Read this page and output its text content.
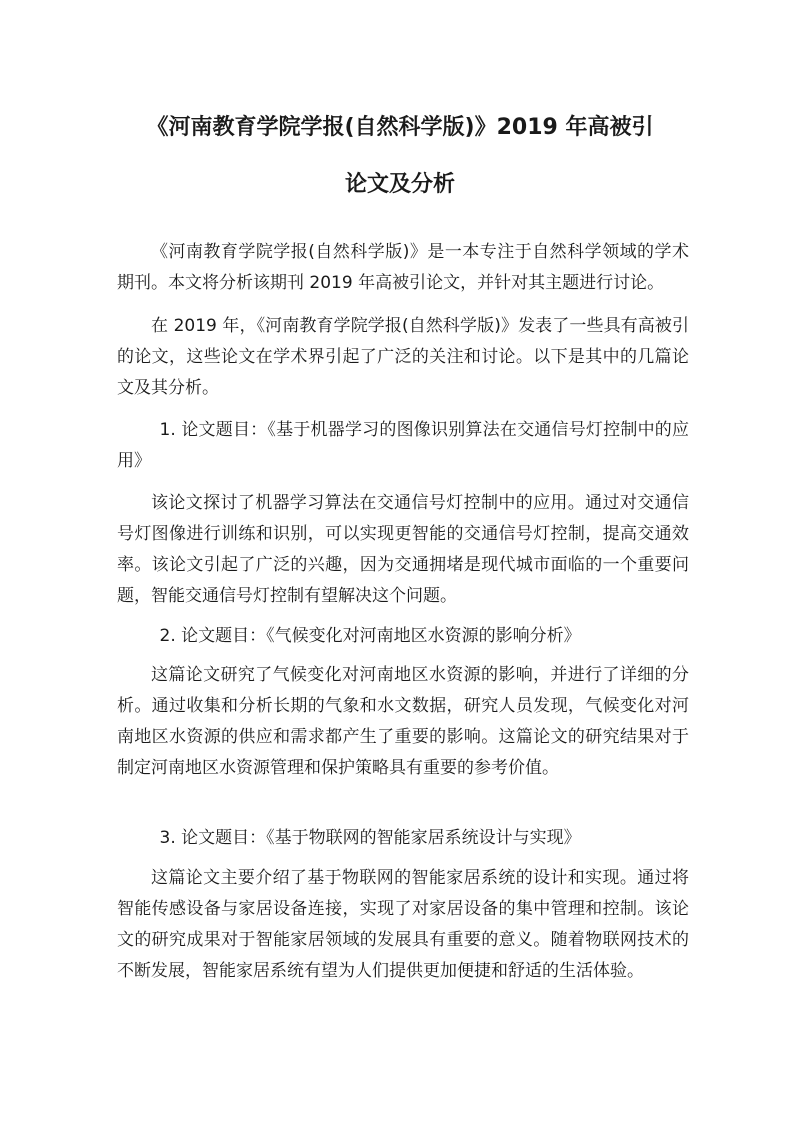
《河南教育学院学报(自然科学版)》2019 年高被引
论文及分析

《河南教育学院学报(自然科学版)》是一本专注于自然科学领域的学术期刊。本文将分析该期刊 2019 年高被引论文，并针对其主题进行讨论。

在 2019 年，《河南教育学院学报(自然科学版)》发表了一些具有高被引的论文，这些论文在学术界引起了广泛的关注和讨论。以下是其中的几篇论文及其分析。

1. 论文题目：《基于机器学习的图像识别算法在交通信号灯控制中的应用》

该论文探讨了机器学习算法在交通信号灯控制中的应用。通过对交通信号灯图像进行训练和识别，可以实现更智能的交通信号灯控制，提高交通效率。该论文引起了广泛的兴趣，因为交通拥堵是现代城市面临的一个重要问题，智能交通信号灯控制有望解决这个问题。

2. 论文题目：《气候变化对河南地区水资源的影响分析》

这篇论文研究了气候变化对河南地区水资源的影响，并进行了详细的分析。通过收集和分析长期的气象和水文数据，研究人员发现，气候变化对河南地区水资源的供应和需求都产生了重要的影响。这篇论文的研究结果对于制定河南地区水资源管理和保护策略具有重要的参考价值。

3. 论文题目：《基于物联网的智能家居系统设计与实现》

这篇论文主要介绍了基于物联网的智能家居系统的设计和实现。通过将智能传感设备与家居设备连接，实现了对家居设备的集中管理和控制。该论文的研究成果对于智能家居领域的发展具有重要的意义。随着物联网技术的不断发展，智能家居系统有望为人们提供更加便捷和舒适的生活体验。
